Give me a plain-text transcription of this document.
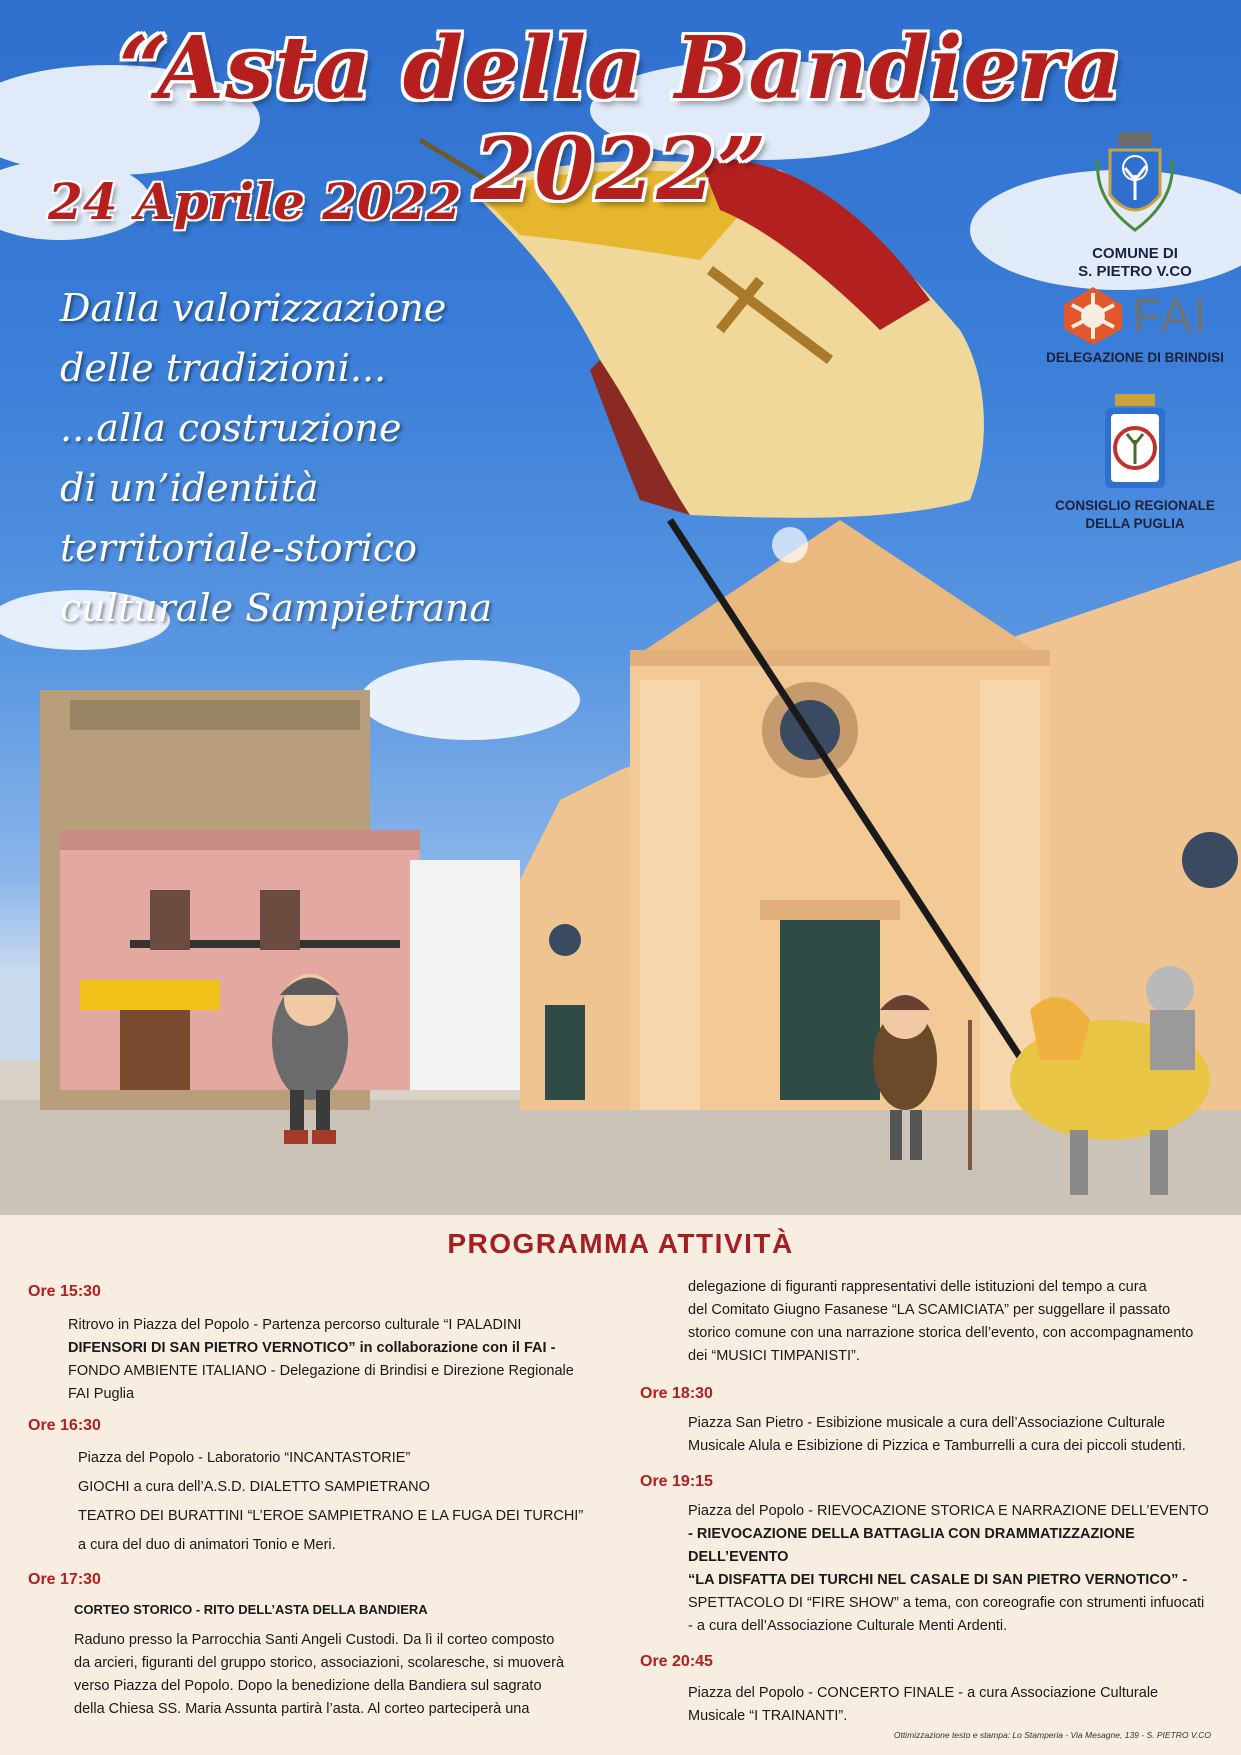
“Asta della Bandiera 2022”
24 Aprile 2022
Dalla valorizzazione
delle tradizioni...
...alla costruzione
di un’identità
territoriale-storico
culturale Sampietrana
COMUNE DI
S. PIETRO V.CO
FAI
DELEGAZIONE DI BRINDISI
CONSIGLIO REGIONALE
DELLA PUGLIA
PROGRAMMA ATTIVITÀ
Ore 15:30
Ritrovo in Piazza del Popolo - Partenza percorso culturale “I PALADINI
DIFENSORI DI SAN PIETRO VERNOTICO” in collaborazione con il FAI -
FONDO AMBIENTE ITALIANO - Delegazione di Brindisi e Direzione Regionale
FAI Puglia
Ore 16:30
Piazza del Popolo - Laboratorio “INCANTASTORIE”
GIOCHI a cura dell’A.S.D. DIALETTO SAMPIETRANO
TEATRO DEI BURATTINI “L’EROE SAMPIETRANO E LA FUGA DEI TURCHI”
a cura del duo di animatori Tonio e Meri.
Ore 17:30
CORTEO STORICO - RITO DELL’ASTA DELLA BANDIERA
Raduno presso la Parrocchia Santi Angeli Custodi. Da lì il corteo composto
da arcieri, figuranti del gruppo storico, associazioni, scolaresche, si muoverà
verso Piazza del Popolo. Dopo la benedizione della Bandiera sul sagrato
della Chiesa SS. Maria Assunta partirà l’asta. Al corteo parteciperà una
delegazione di figuranti rappresentativi delle istituzioni del tempo a cura
del Comitato Giugno Fasanese “LA SCAMICIATA” per suggellare il passato
storico comune con una narrazione storica dell’evento, con accompagnamento
dei “MUSICI TIMPANISTI”.
Ore 18:30
Piazza San Pietro - Esibizione musicale a cura dell’Associazione Culturale
Musicale Alula e Esibizione di Pizzica e Tamburrelli a cura dei piccoli studenti.
Ore 19:15
Piazza del Popolo - RIEVOCAZIONE STORICA E NARRAZIONE DELL’EVENTO
- RIEVOCAZIONE DELLA BATTAGLIA CON DRAMMATIZZAZIONE DELL’EVENTO
“LA DISFATTA DEI TURCHI NEL CASALE DI SAN PIETRO VERNOTICO” -
SPETTACOLO DI “FIRE SHOW” a tema, con coreografie con strumenti infuocati
- a cura dell’Associazione Culturale Menti Ardenti.
Ore 20:45
Piazza del Popolo - CONCERTO FINALE - a cura Associazione Culturale
Musicale “I TRAINANTI”.
Ottimizzazione testo e stampa: Lo Stamperia - Via Mesagne, 139 - S. PIETRO V.CO
